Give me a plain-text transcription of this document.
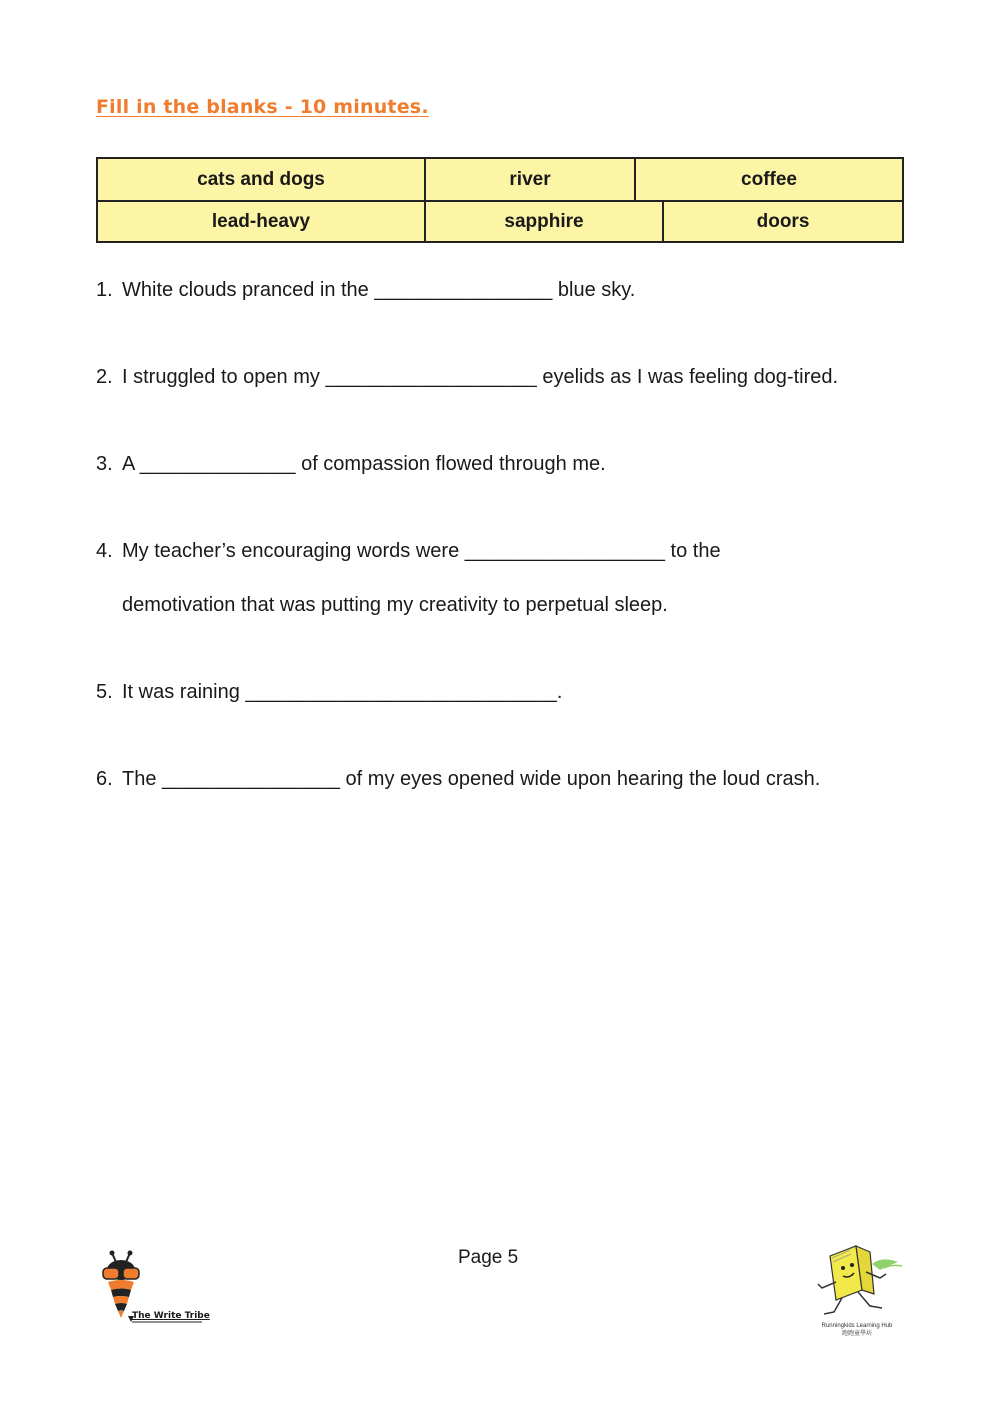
Fill in the blanks - 10 minutes.
cats and dogs	river	coffee
lead-heavy	sapphire	doors
1. White clouds pranced in the ________________ blue sky.
2. I struggled to open my ___________________ eyelids as I was feeling dog-tired.
3. A ______________ of compassion flowed through me.
4. My teacher’s encouraging words were __________________ to the
demotivation that was putting my creativity to perpetual sleep.
5. It was raining ____________________________.
6. The ________________ of my eyes opened wide upon hearing the loud crash.
Page 5
The Write Tribe
Runningkids Learning Hub
跑跑童學坊
